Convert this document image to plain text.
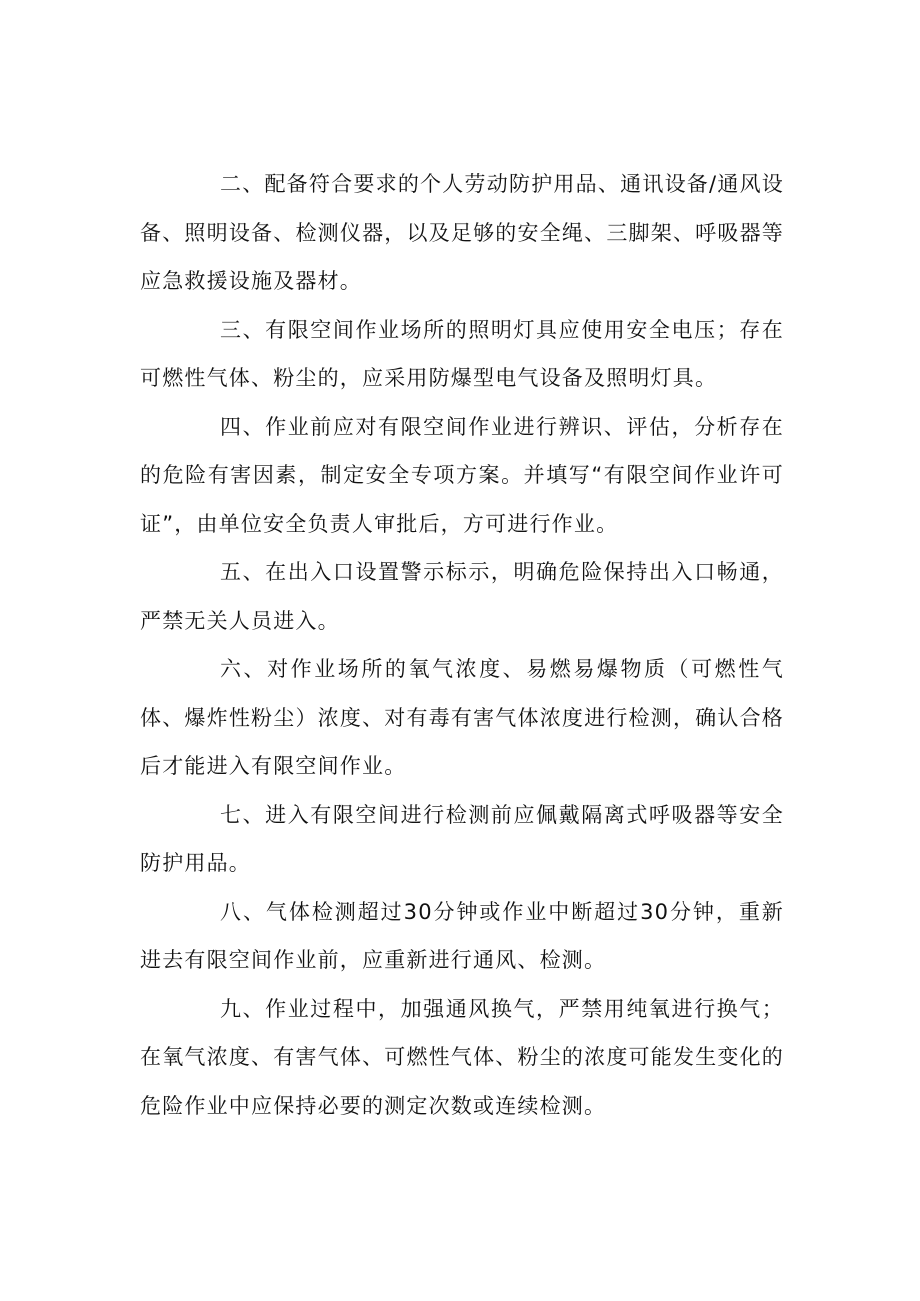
二、配备符合要求的个人劳动防护用品、通讯设备/通风设备、照明设备、检测仪器，以及足够的安全绳、三脚架、呼吸器等应急救援设施及器材。

三、有限空间作业场所的照明灯具应使用安全电压；存在可燃性气体、粉尘的，应采用防爆型电气设备及照明灯具。

四、作业前应对有限空间作业进行辨识、评估，分析存在的危险有害因素，制定安全专项方案。并填写“有限空间作业许可证”，由单位安全负责人审批后，方可进行作业。

五、在出入口设置警示标示，明确危险保持出入口畅通，严禁无关人员进入。

六、对作业场所的氧气浓度、易燃易爆物质（可燃性气体、爆炸性粉尘）浓度、对有毒有害气体浓度进行检测，确认合格后才能进入有限空间作业。

七、进入有限空间进行检测前应佩戴隔离式呼吸器等安全防护用品。

八、气体检测超过30分钟或作业中断超过30分钟，重新进去有限空间作业前，应重新进行通风、检测。

九、作业过程中，加强通风换气，严禁用纯氧进行换气；在氧气浓度、有害气体、可燃性气体、粉尘的浓度可能发生变化的危险作业中应保持必要的测定次数或连续检测。
